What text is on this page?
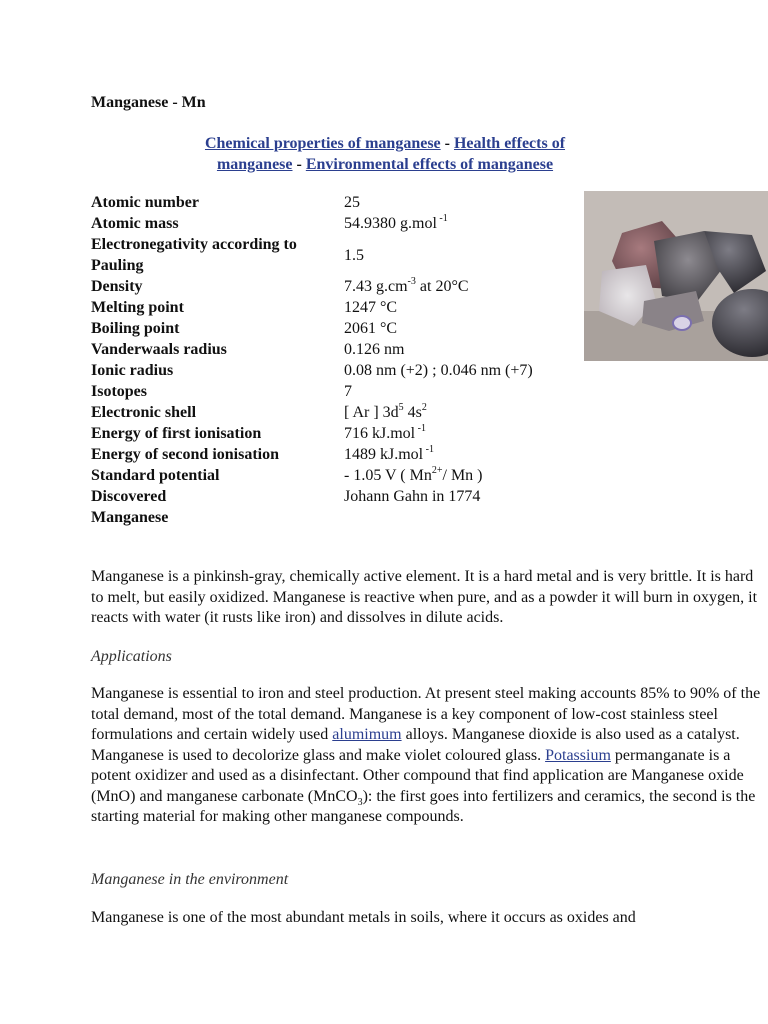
Manganese - Mn
Chemical properties of manganese - Health effects of
manganese - Environmental effects of manganese
Atomic number	25
Atomic mass	54.9380 g.mol $^{-1}$
Electronegativity according to Pauling	1.5
Density	7.43 $g.cm^{-3}$ at 20°C
Melting point	1247 °C
Boiling point	2061 °C
Vanderwaals radius	0.126 nm
Ionic radius	0.08 nm (+2) ; 0.046 nm (+7)
Isotopes	7
Electronic shell	[ Ar ] $3d^5$ $4s^2$
Energy of first ionisation	716 kJ.mol $^{-1}$
Energy of second ionisation	1489 kJ.mol $^{-1}$
Standard potential	- 1.05 V ( $Mn^{2+}/$ Mn )
Discovered	Johann Gahn in 1774
Manganese	
Manganese is a pinkinsh-gray, chemically active element. It is a hard metal and is very brittle. It is hard to melt, but easily oxidized. Manganese is reactive when pure, and as a powder it will burn in oxygen, it reacts with water (it rusts like iron) and dissolves in dilute acids.
Applications
Manganese is essential to iron and steel production. At present steel making accounts 85% to 90% of the total demand, most of the total demand. Manganese is a key component of low-cost stainless steel formulations and certain widely used alumimum alloys. Manganese dioxide is also used as a catalyst. Manganese is used to decolorize glass and make violet coloured glass. Potassium permanganate is a potent oxidizer and used as a disinfectant. Other compound that find application are Manganese oxide (MnO) and manganese carbonate (MnCO$_3$): the first goes into fertilizers and ceramics, the second is the starting material for making other manganese compounds.
Manganese in the environment
Manganese is one of the most abundant metals in soils, where it occurs as oxides and
